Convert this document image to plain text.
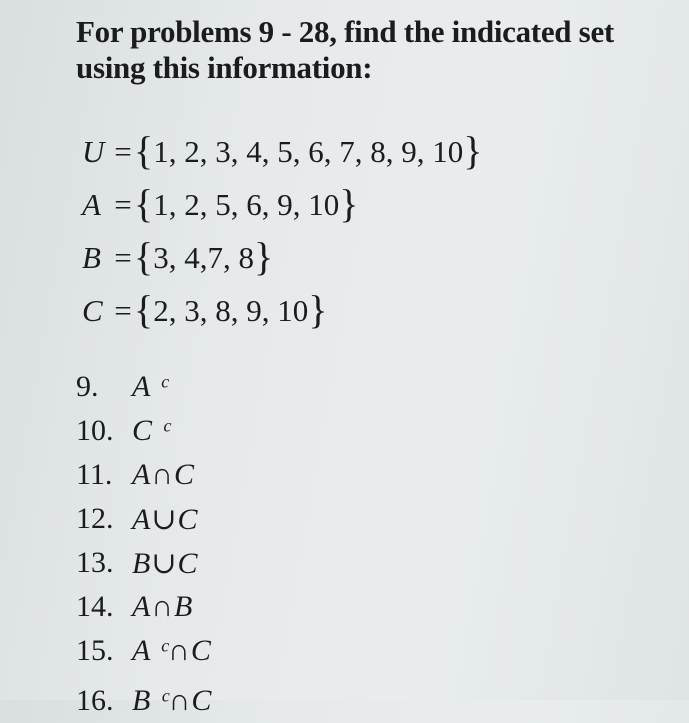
For problems 9 - 28, find the indicated set using this information:
U = { 1, 2, 3, 4, 5, 6, 7, 8, 9, 10 }
A = { 1, 2, 5, 6, 9, 10 }
B = { 3, 4,7, 8 }
C = { 2, 3, 8, 9, 10 }
9.	A ᶜ
10. C ᶜ
11. A∩C
12. A∪C
13. B∪C
14. A∩B
15. A ᶜ∩C
16. B ᶜ∩C
